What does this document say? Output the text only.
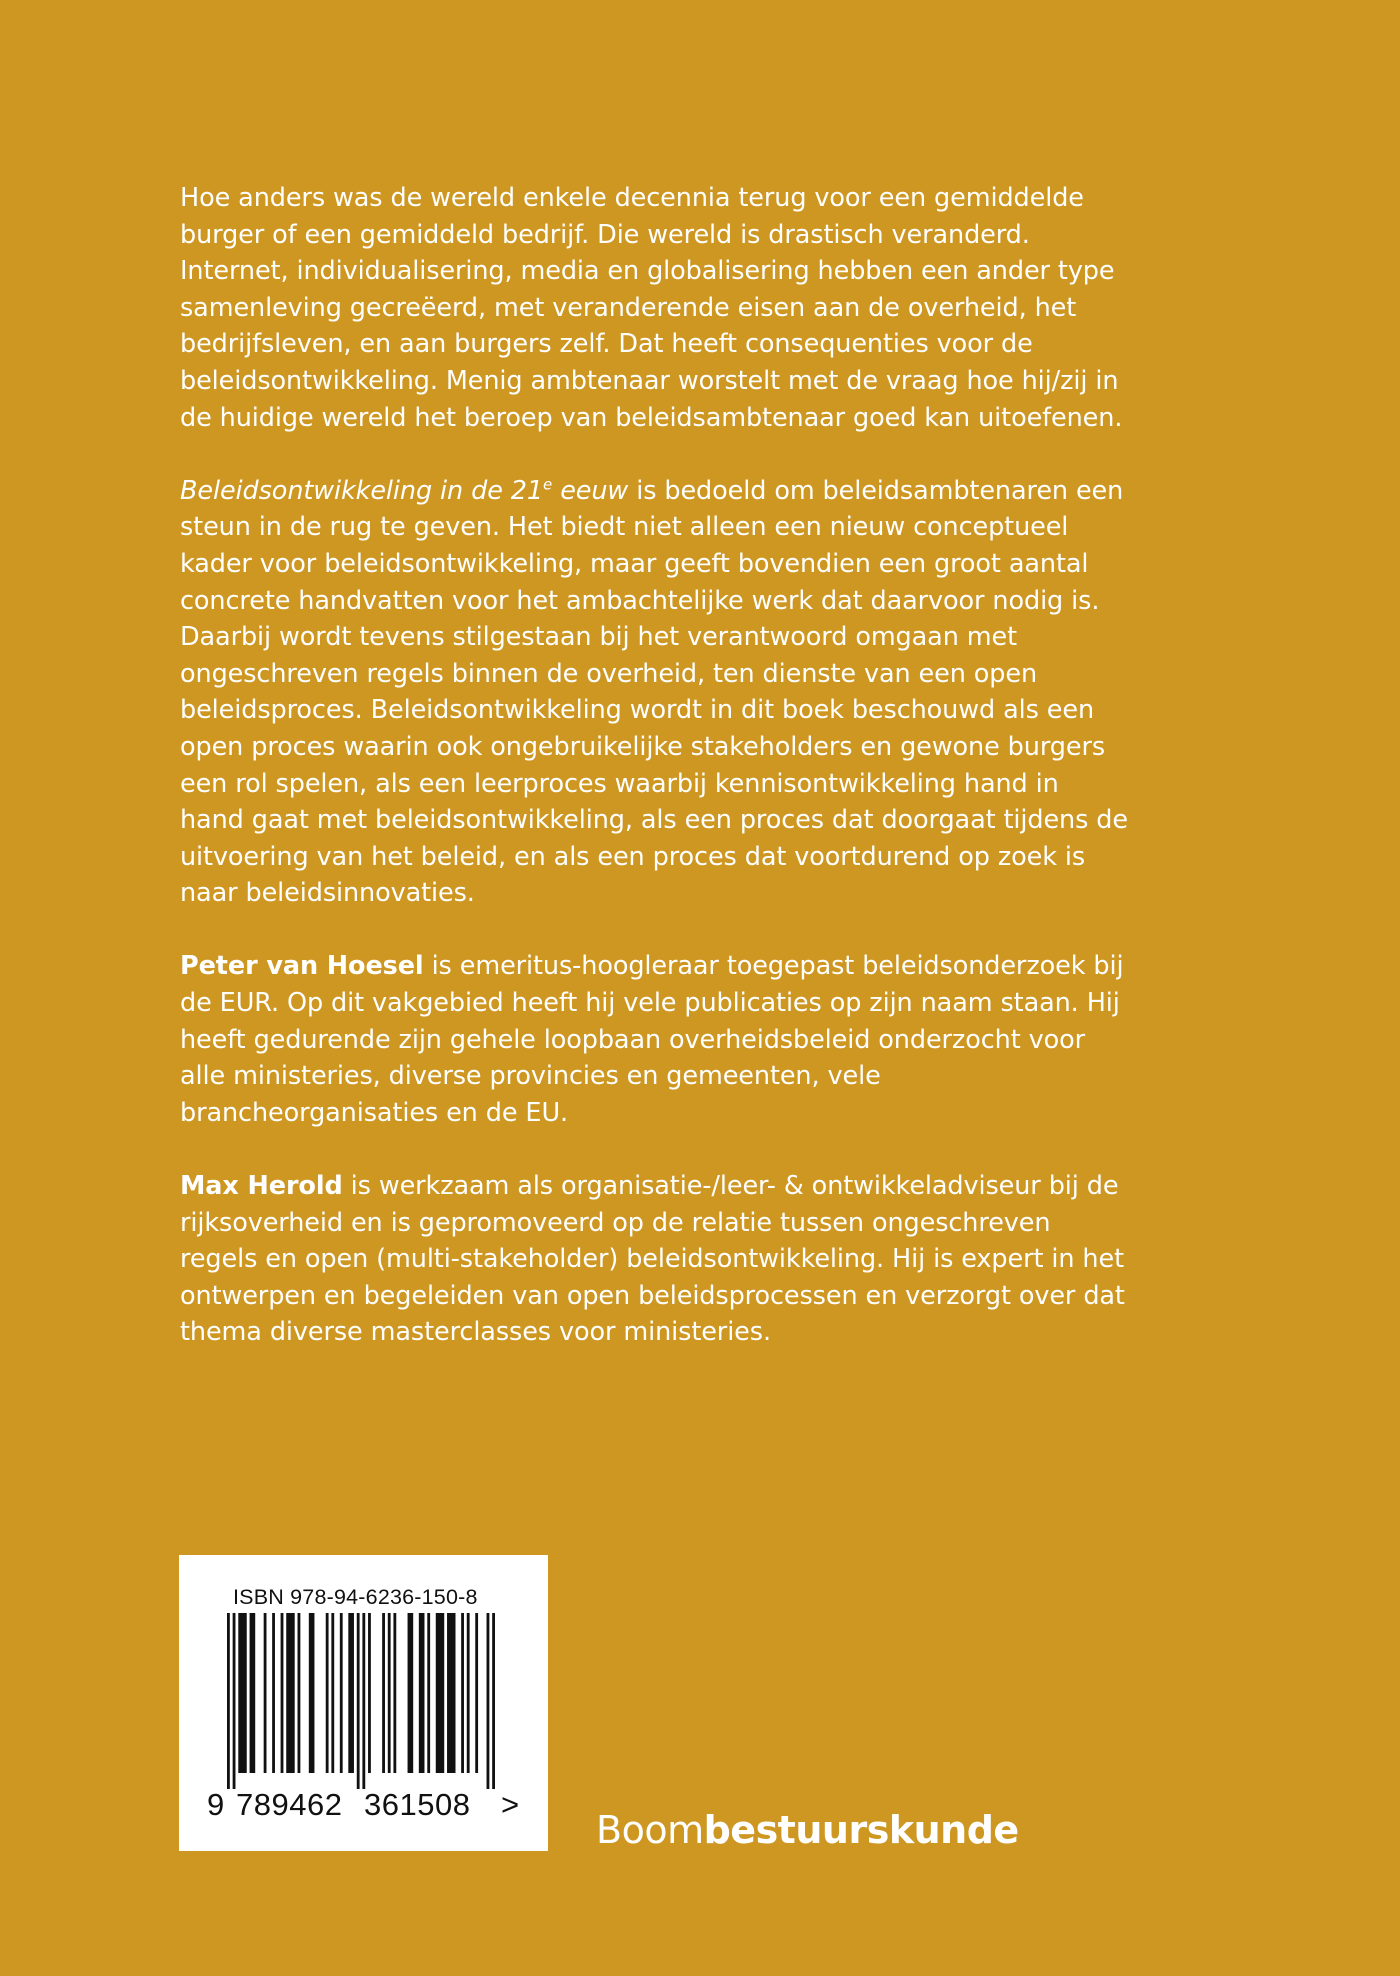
Hoe anders was de wereld enkele decennia terug voor een gemiddelde burger of een gemiddeld bedrijf. Die wereld is drastisch veranderd. Internet, individualisering, media en globalisering hebben een ander type samenleving gecreëerd, met veranderende eisen aan de overheid, het bedrijfsleven, en aan burgers zelf. Dat heeft consequenties voor de beleidsontwikkeling. Menig ambtenaar worstelt met de vraag hoe hij/zij in de huidige wereld het beroep van beleidsambtenaar goed kan uitoefenen.

Beleidsontwikkeling in de 21e eeuw is bedoeld om beleidsambtenaren een steun in de rug te geven. Het biedt niet alleen een nieuw conceptueel kader voor beleidsontwikkeling, maar geeft bovendien een groot aantal concrete handvatten voor het ambachtelijke werk dat daarvoor nodig is. Daarbij wordt tevens stilgestaan bij het verantwoord omgaan met ongeschreven regels binnen de overheid, ten dienste van een open beleidsproces. Beleidsontwikkeling wordt in dit boek beschouwd als een open proces waarin ook ongebruikelijke stakeholders en gewone burgers een rol spelen, als een leerproces waarbij kennisontwikkeling hand in hand gaat met beleidsontwikkeling, als een proces dat doorgaat tijdens de uitvoering van het beleid, en als een proces dat voortdurend op zoek is naar beleidsinnovaties.

Peter van Hoesel is emeritus-hoogleraar toegepast beleidsonderzoek bij de EUR. Op dit vakgebied heeft hij vele publicaties op zijn naam staan. Hij heeft gedurende zijn gehele loopbaan overheidsbeleid onderzocht voor alle ministeries, diverse provincies en gemeenten, vele brancheorganisaties en de EU.

Max Herold is werkzaam als organisatie-/leer- & ontwikkeladviseur bij de rijksoverheid en is gepromoveerd op de relatie tussen ongeschreven regels en open (multi-stakeholder) beleidsontwikkeling. Hij is expert in het ontwerpen en begeleiden van open beleidsprocessen en verzorgt over dat thema diverse masterclasses voor ministeries.

ISBN 978-94-6236-150-8
9 789462 361508 >
Boombestuurskunde
